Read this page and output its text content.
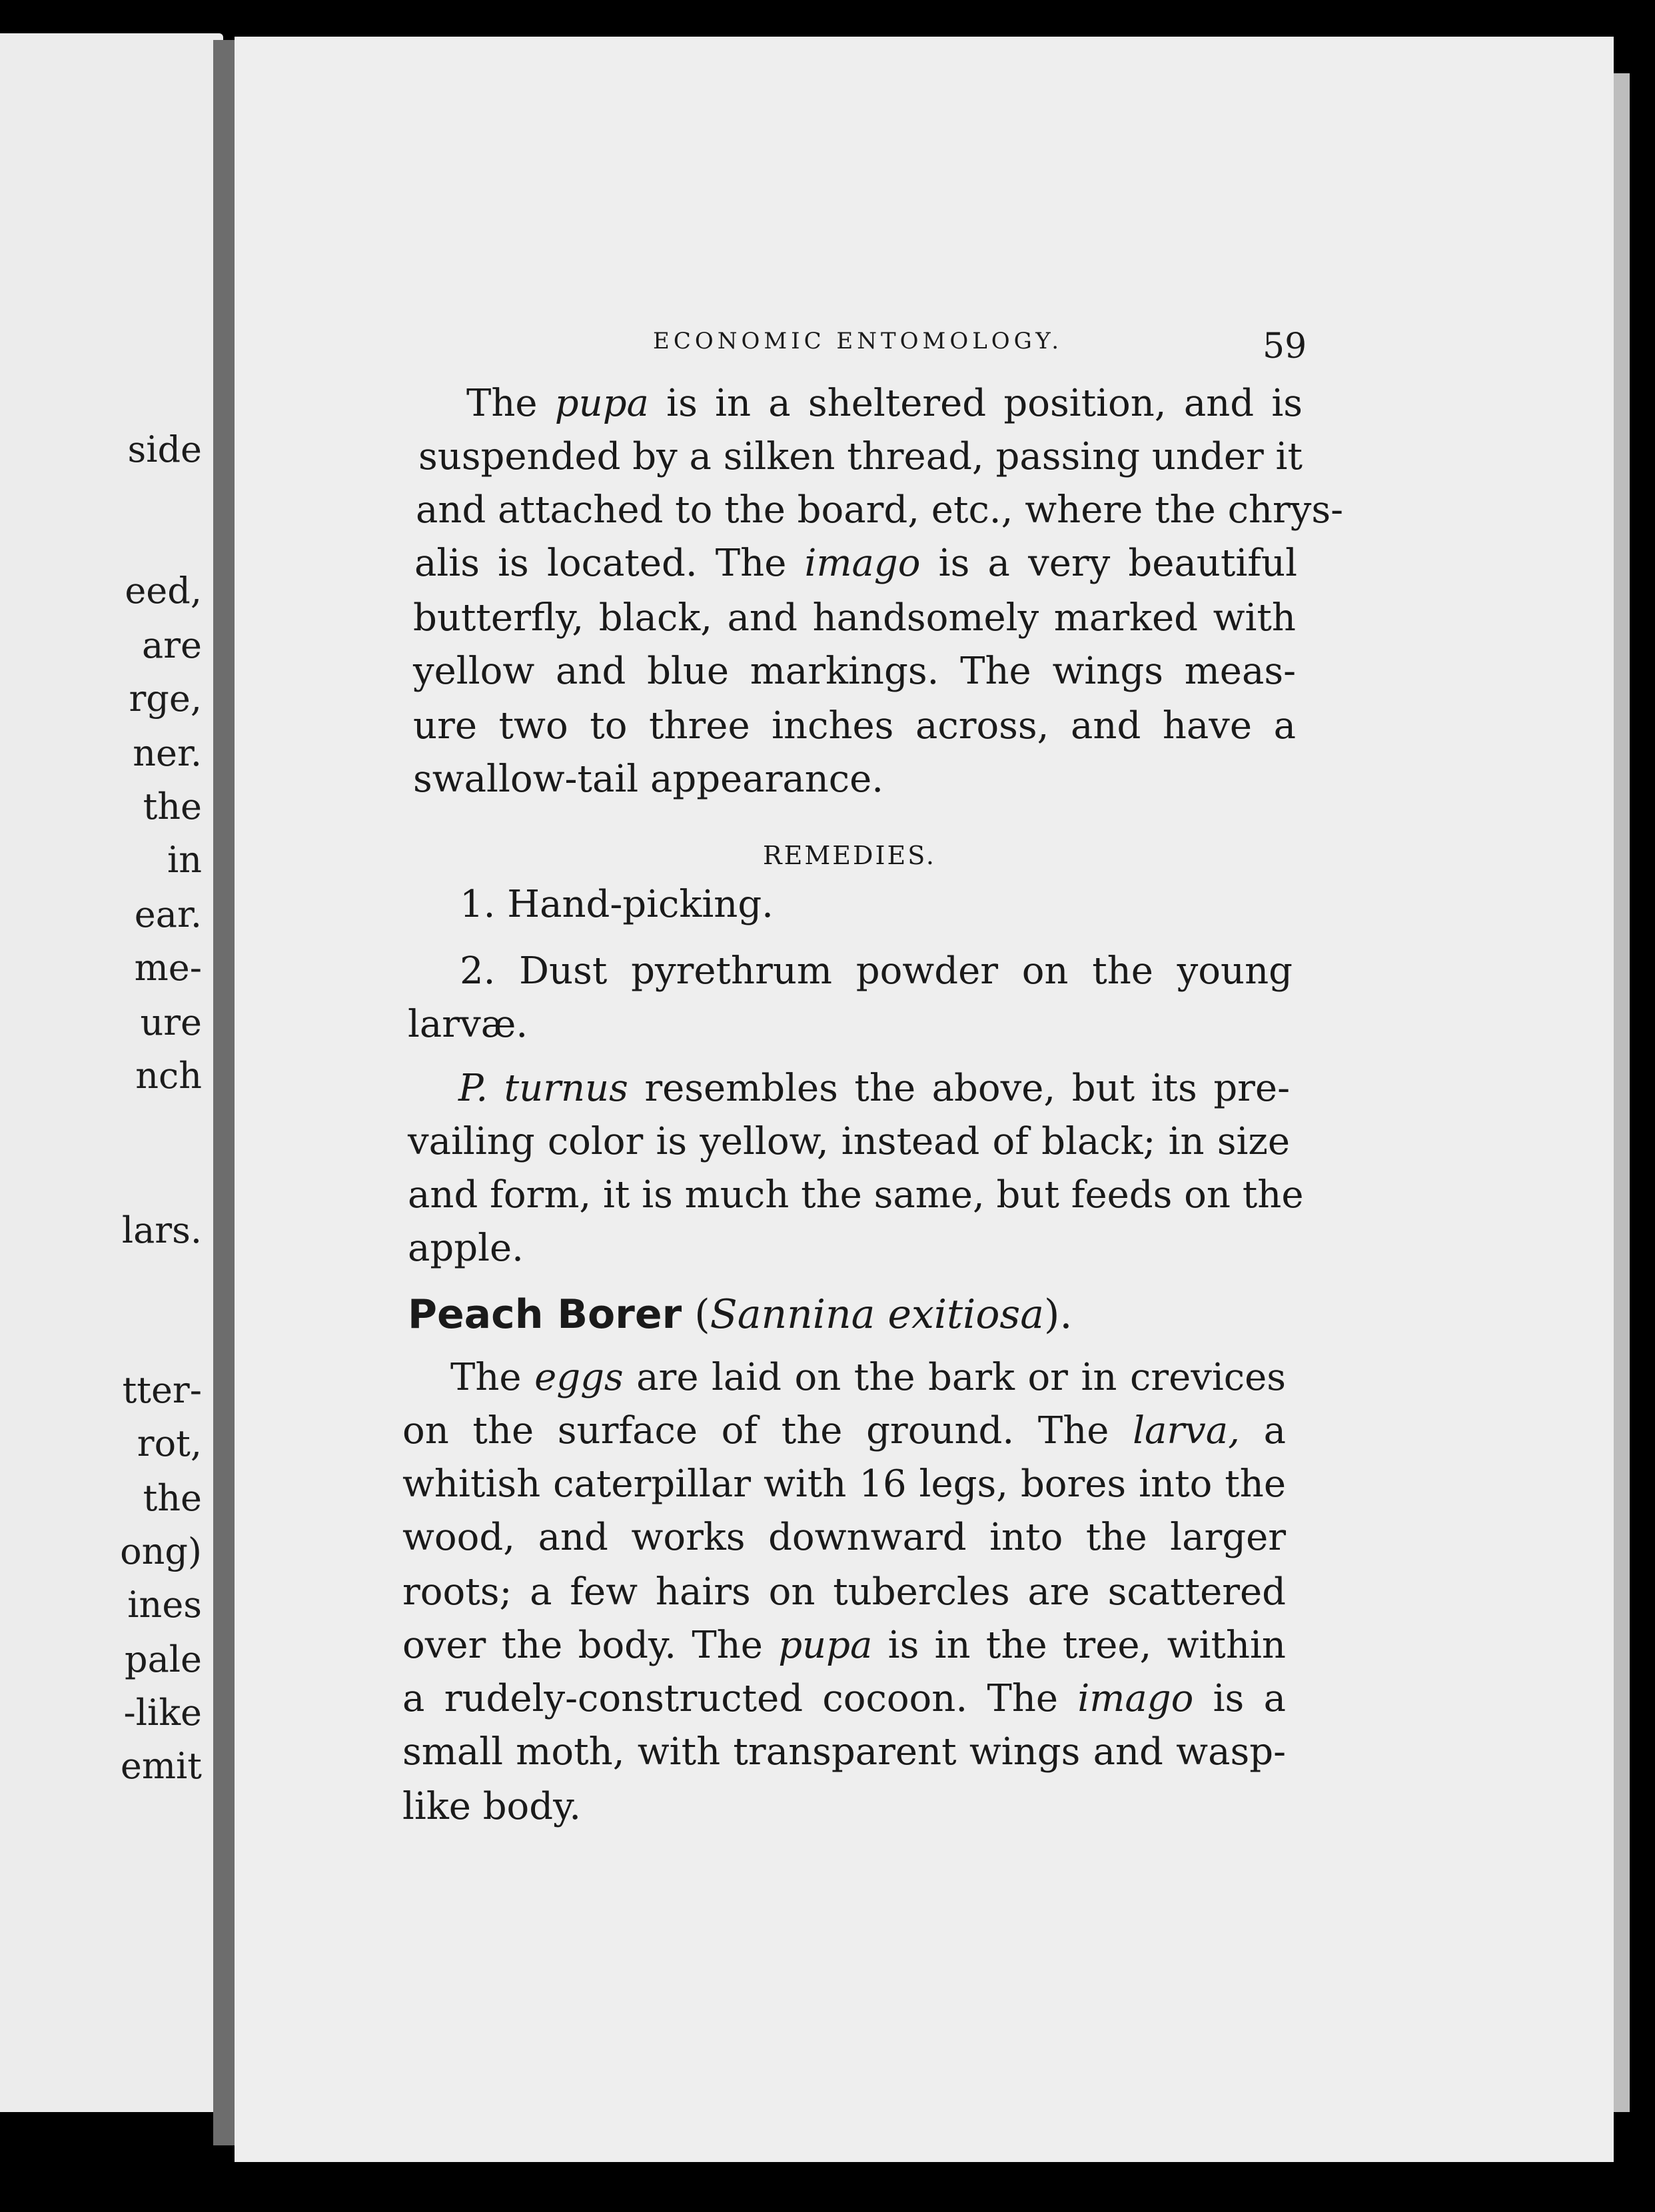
side
eed,
are
rge,
ner.
the
in
ear.
me-
ure
nch
lars.
tter-
rot,
the
ong)
ines
pale
-like
emit
ECONOMIC ENTOMOLOGY.	59
The pupa is in a sheltered position, and is
suspended by a silken thread, passing under it
and attached to the board, etc., where the chrys-
alis is located. The imago is a very beautiful
butterfly, black, and handsomely marked with
yellow and blue markings. The wings meas-
ure two to three inches across, and have a
swallow-tail appearance.
REMEDIES.
1. Hand-picking.
2. Dust pyrethrum powder on the young
larvæ.
P. turnus resembles the above, but its pre-
vailing color is yellow, instead of black; in size
and form, it is much the same, but feeds on the
apple.
Peach Borer (Sannina exitiosa).
The eggs are laid on the bark or in crevices
on the surface of the ground. The larva, a
whitish caterpillar with 16 legs, bores into the
wood, and works downward into the larger
roots; a few hairs on tubercles are scattered
over the body. The pupa is in the tree, within
a rudely-constructed cocoon. The imago is a
small moth, with transparent wings and wasp-
like body.
